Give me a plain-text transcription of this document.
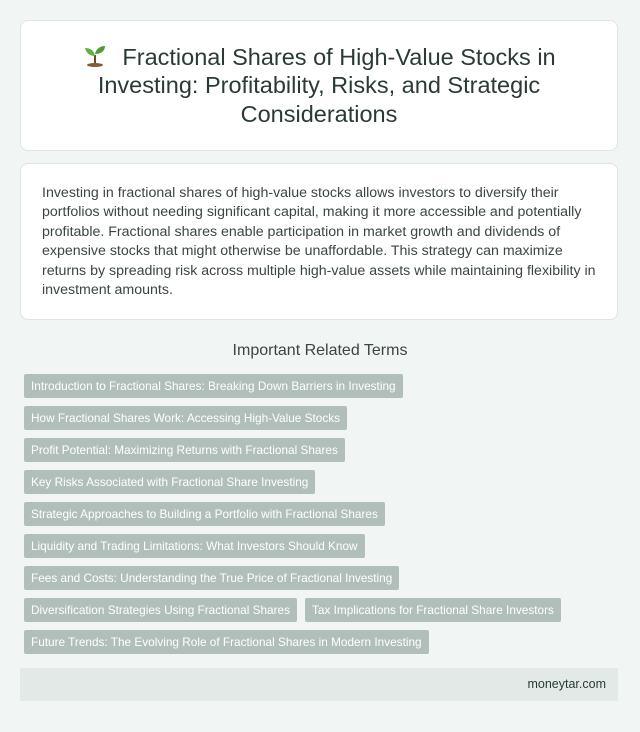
Fractional Shares of High-Value Stocks in Investing: Profitability, Risks, and Strategic Considerations

Investing in fractional shares of high-value stocks allows investors to diversify their portfolios without needing significant capital, making it more accessible and potentially profitable. Fractional shares enable participation in market growth and dividends of expensive stocks that might otherwise be unaffordable. This strategy can maximize returns by spreading risk across multiple high-value assets while maintaining flexibility in investment amounts.

Important Related Terms
Introduction to Fractional Shares: Breaking Down Barriers in Investing
How Fractional Shares Work: Accessing High-Value Stocks
Profit Potential: Maximizing Returns with Fractional Shares
Key Risks Associated with Fractional Share Investing
Strategic Approaches to Building a Portfolio with Fractional Shares
Liquidity and Trading Limitations: What Investors Should Know
Fees and Costs: Understanding the True Price of Fractional Investing
Diversification Strategies Using Fractional Shares	Tax Implications for Fractional Share Investors
Future Trends: The Evolving Role of Fractional Shares in Modern Investing
moneytar.com
